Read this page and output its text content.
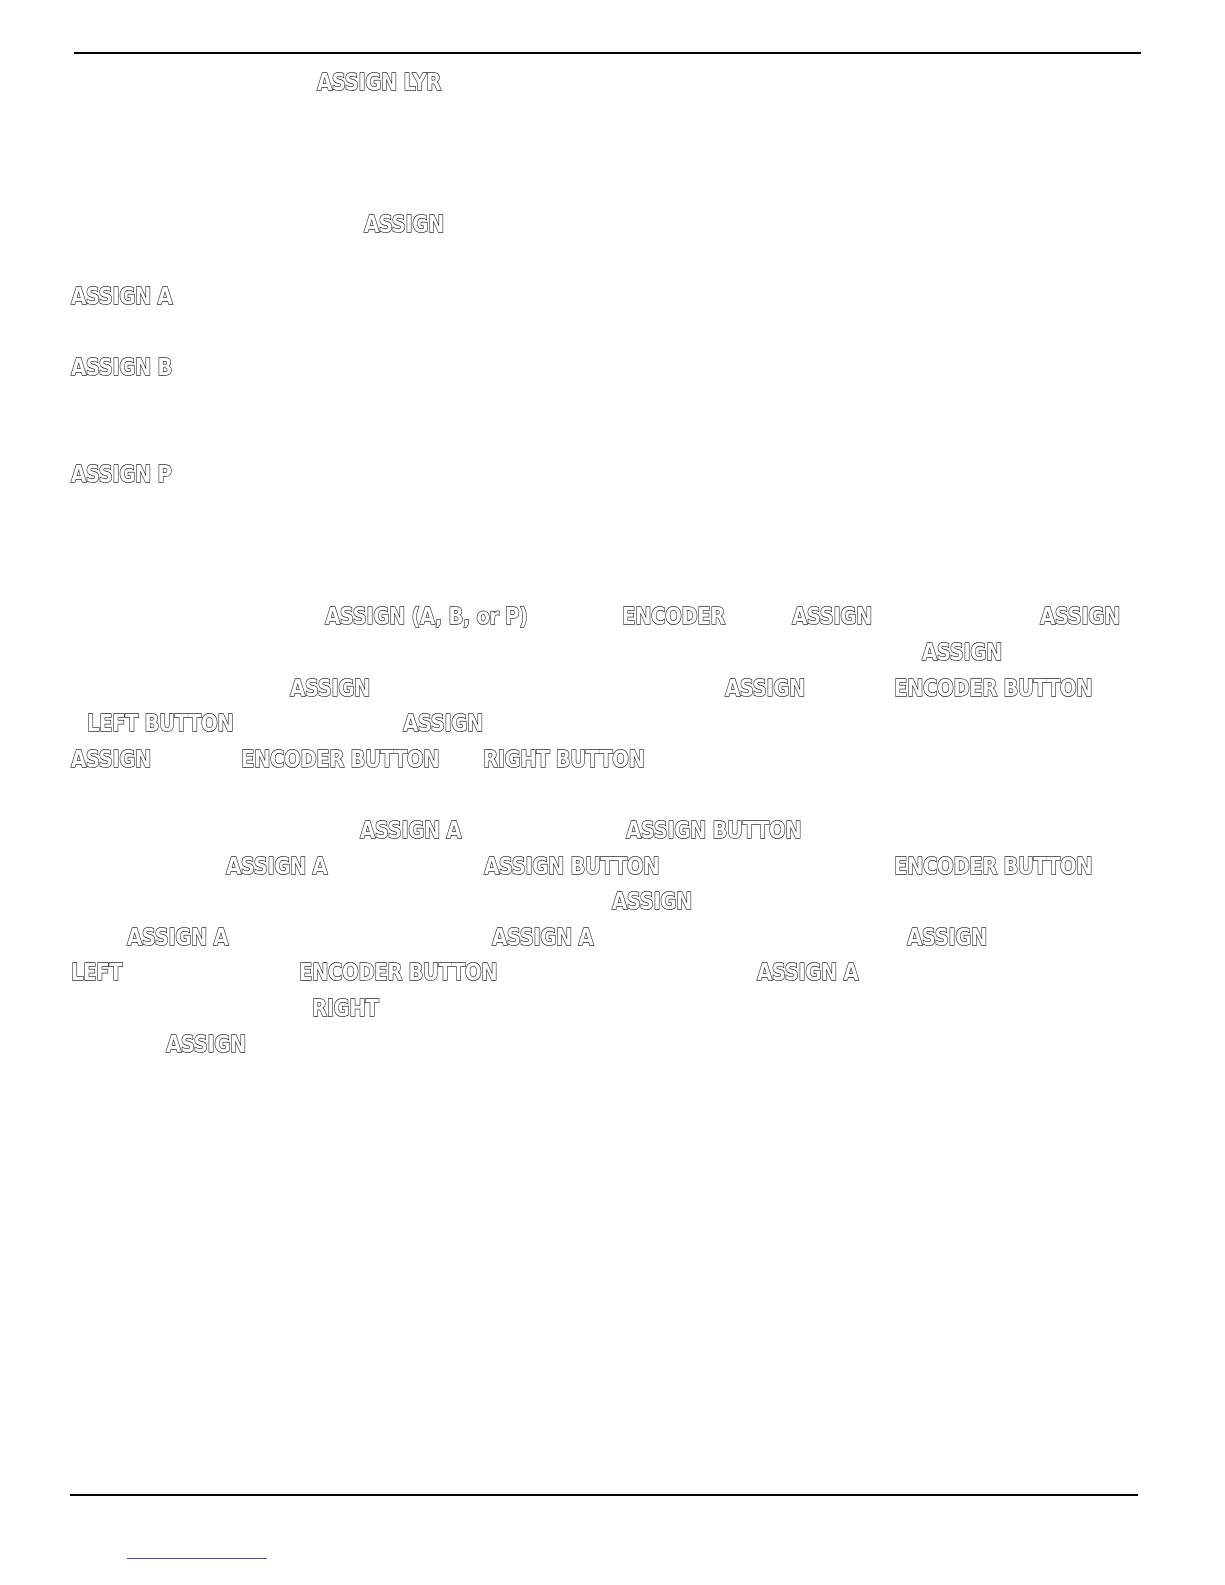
ASSIGN LYR
ASSIGN
ASSIGN A
ASSIGN B
ASSIGN P
ASSIGN (A, B, or P)	ENCODER	ASSIGN	ASSIGN
ASSIGN
ASSIGN	ASSIGN	ENCODER BUTTON
LEFT BUTTON	ASSIGN
ASSIGN	ENCODER BUTTON RIGHT BUTTON
ASSIGN A	ASSIGN BUTTON
ASSIGN A	ASSIGN BUTTON	ENCODER BUTTON
ASSIGN
ASSIGN A	ASSIGN A	ASSIGN
LEFT	ENCODER BUTTON	ASSIGN A
RIGHT
ASSIGN
